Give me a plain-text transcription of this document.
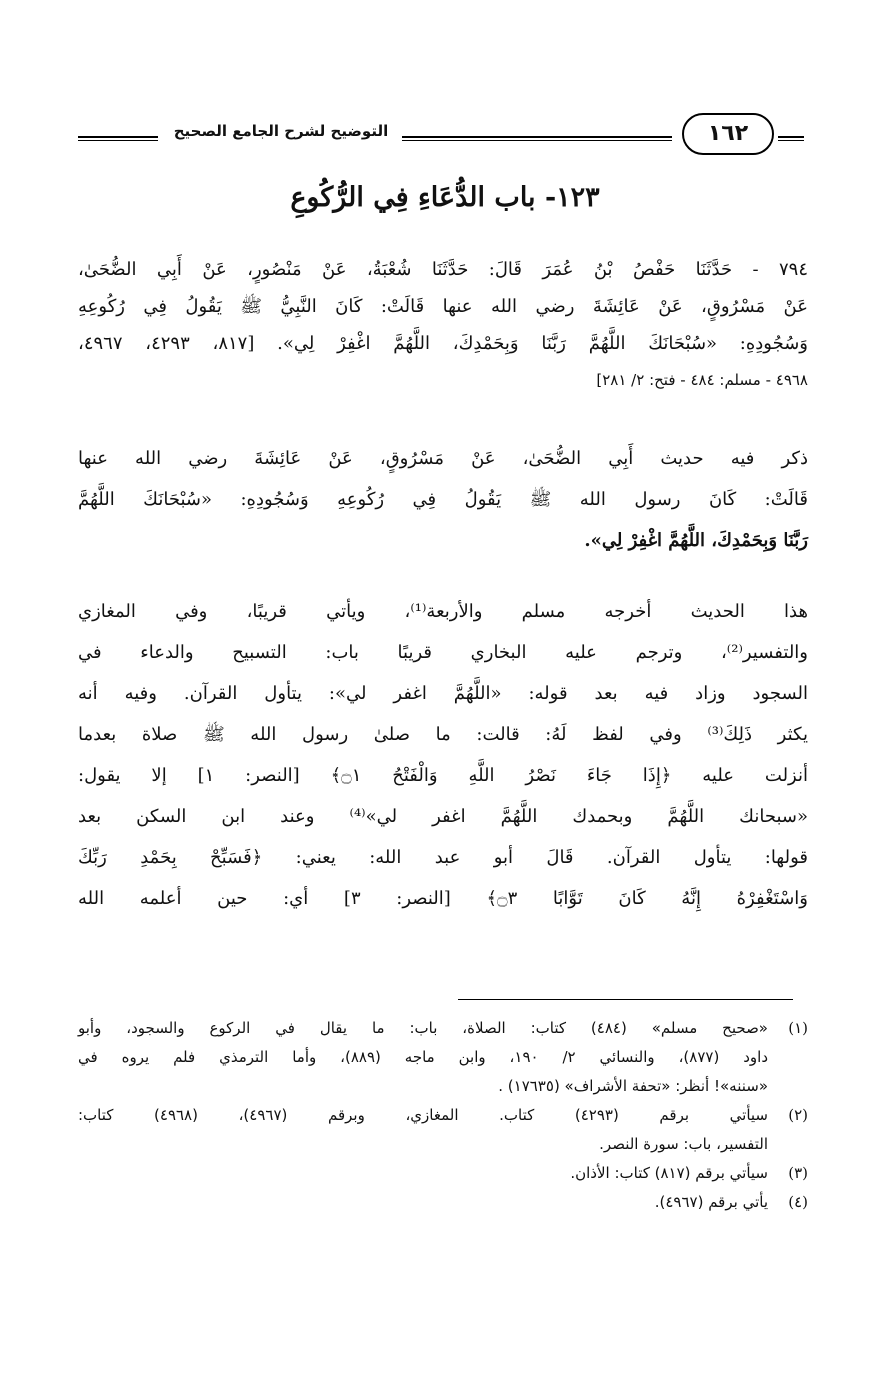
التوضيح لشرح الجامع الصحيح	١٦٢
١٢٣- باب الدُّعَاءِ فِي الرُّكُوعِ
٧٩٤ - حَدَّثَنَا حَفْصُ بْنُ عُمَرَ قَالَ: حَدَّثَنَا شُعْبَةُ، عَنْ مَنْصُورٍ، عَنْ أَبِي الضُّحَىٰ،
عَنْ مَسْرُوقٍ، عَنْ عَائِشَةَ رضي الله عنها قَالَتْ: كَانَ النَّبِيُّ ﷺ يَقُولُ فِي رُكُوعِهِ
وَسُجُودِهِ: «سُبْحَانَكَ اللَّهُمَّ رَبَّنَا وَبِحَمْدِكَ، اللَّهُمَّ اغْفِرْ لِي». [٨١٧، ٤٢٩٣، ٤٩٦٧،
٤٩٦٨ - مسلم: ٤٨٤ - فتح: ٢/ ٢٨١]
ذكر فيه حديث أَبِي الضُّحَىٰ، عَنْ مَسْرُوقٍ، عَنْ عَائِشَةَ رضي الله عنها
قَالَتْ: كَانَ رسول الله ﷺ يَقُولُ فِي رُكُوعِهِ وَسُجُودِهِ: «سُبْحَانَكَ اللَّهُمَّ
رَبَّنَا وَبِحَمْدِكَ، اللَّهُمَّ اغْفِرْ لِي».
هذا الحديث أخرجه مسلم والأربعة⁽¹⁾، ويأتي قريبًا، وفي المغازي
والتفسير⁽²⁾، وترجم عليه البخاري قريبًا باب: التسبيح والدعاء في
السجود وزاد فيه بعد قوله: «اللَّهُمَّ اغفر لي»: يتأول القرآن. وفيه أنه
يكثر ذَلِكَ⁽³⁾ وفي لفظ لَهُ: قالت: ما صلىٰ رسول الله ﷺ صلاة بعدما
أنزلت عليه ﴿إِذَا جَاءَ نَصْرُ اللَّهِ وَالْفَتْحُ ۝١﴾ [النصر: ١] إلا يقول:
«سبحانك اللَّهُمَّ وبحمدك اللَّهُمَّ اغفر لي»⁽⁴⁾ وعند ابن السكن بعد
قولها: يتأول القرآن. قَالَ أبو عبد الله: يعني: ﴿فَسَبِّحْ بِحَمْدِ رَبِّكَ
وَاسْتَغْفِرْهُ إِنَّهُ كَانَ تَوَّابًا ۝٣﴾ [النصر: ٣] أي: حين أعلمه الله
(١)
«صحيح مسلم» (٤٨٤) كتاب: الصلاة، باب: ما يقال في الركوع والسجود، وأبو
داود (٨٧٧)، والنسائي ٢/ ١٩٠، وابن ماجه (٨٨٩)، وأما الترمذي فلم يروه في
«سننه»! أنظر: «تحفة الأشراف» (١٧٦٣٥) .
(٢)
سيأتي برقم (٤٢٩٣) كتاب. المغازي، وبرقم (٤٩٦٧)، (٤٩٦٨) كتاب:
التفسير، باب: سورة النصر.
(٣)
سيأتي برقم (٨١٧) كتاب: الأذان.
(٤)
يأتي برقم (٤٩٦٧).
